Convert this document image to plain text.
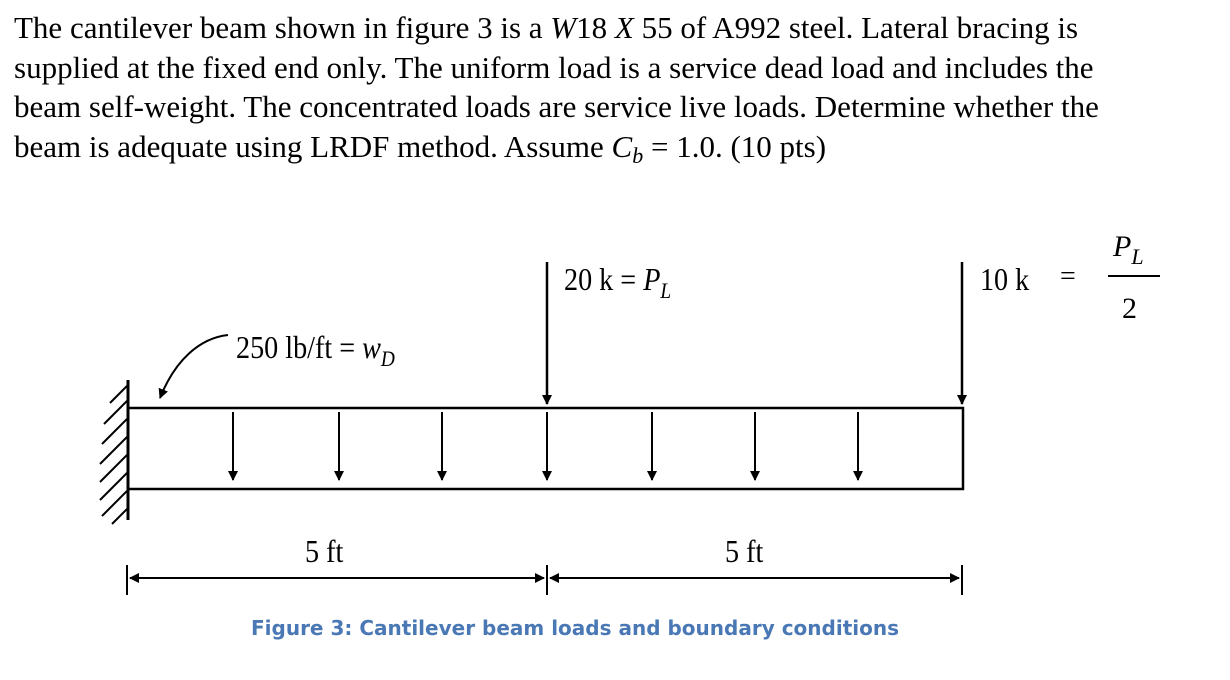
The cantilever beam shown in figure 3 is a W18 X 55 of A992 steel. Lateral bracing is
supplied at the fixed end only. The uniform load is a service dead load and includes the
beam self-weight. The concentrated loads are service live loads. Determine whether the
beam is adequate using LRDF method. Assume Cb = 1.0. (10 pts)
250 $lb/ft = w_D$
20 $k = P_L$	10 k =
$P_L$
2
5 ft	5 ft
Figure 3: Cantilever beam loads and boundary conditions
